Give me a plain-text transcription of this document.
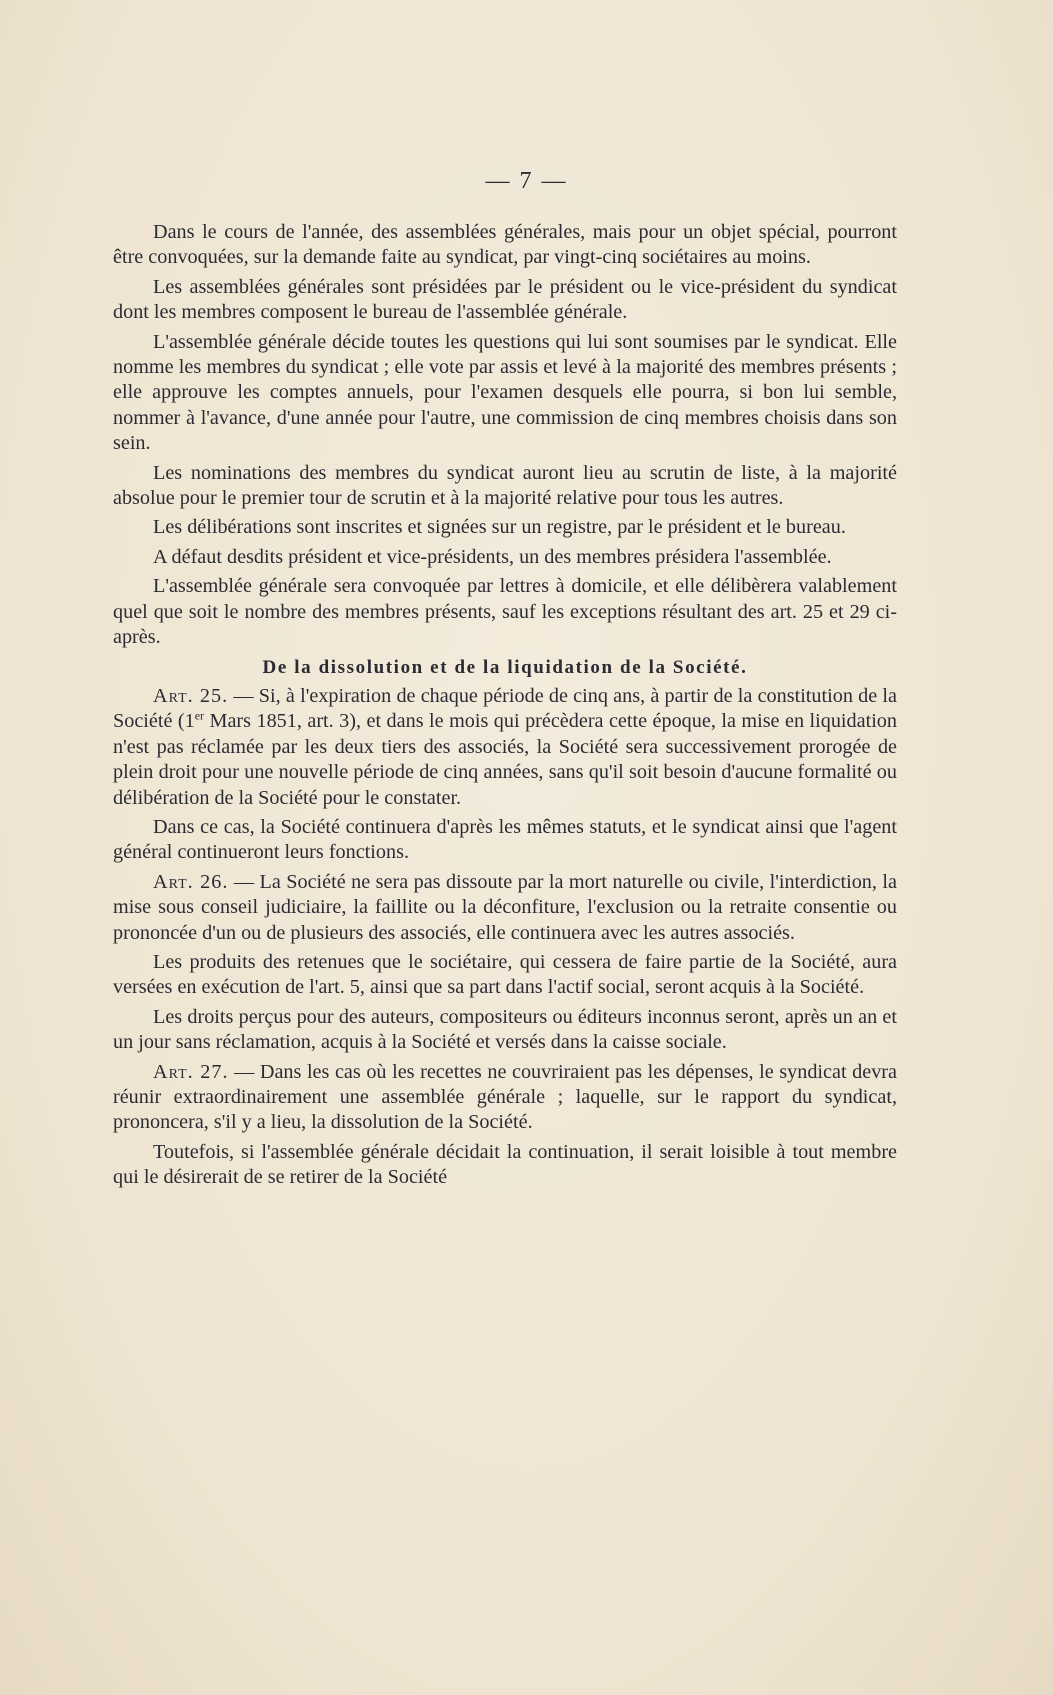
— 7 —

Dans le cours de l'année, des assemblées générales, mais pour un objet spécial, pourront être convoquées, sur la demande faite au syndicat, par vingt-cinq sociétaires au moins.

Les assemblées générales sont présidées par le président ou le vice-président du syndicat dont les membres composent le bureau de l'assemblée générale.

L'assemblée générale décide toutes les questions qui lui sont soumises par le syndicat. Elle nomme les membres du syndicat ; elle vote par assis et levé à la majorité des membres présents ; elle approuve les comptes annuels, pour l'examen desquels elle pourra, si bon lui semble, nommer à l'avance, d'une année pour l'autre, une commission de cinq membres choisis dans son sein.

Les nominations des membres du syndicat auront lieu au scrutin de liste, à la majorité absolue pour le premier tour de scrutin et à la majorité relative pour tous les autres.

Les délibérations sont inscrites et signées sur un registre, par le président et le bureau.

A défaut desdits président et vice-présidents, un des membres présidera l'assemblée.

L'assemblée générale sera convoquée par lettres à domicile, et elle délibèrera valablement quel que soit le nombre des membres présents, sauf les exceptions résultant des art. 25 et 29 ci-après.

De la dissolution et de la liquidation de la Société.

Art. 25. — Si, à l'expiration de chaque période de cinq ans, à partir de la constitution de la Société (1er Mars 1851, art. 3), et dans le mois qui précèdera cette époque, la mise en liquidation n'est pas réclamée par les deux tiers des associés, la Société sera successivement prorogée de plein droit pour une nouvelle période de cinq années, sans qu'il soit besoin d'aucune formalité ou délibération de la Société pour le constater.

Dans ce cas, la Société continuera d'après les mêmes statuts, et le syndicat ainsi que l'agent général continueront leurs fonctions.

Art. 26. — La Société ne sera pas dissoute par la mort naturelle ou civile, l'interdiction, la mise sous conseil judiciaire, la faillite ou la déconfiture, l'exclusion ou la retraite consentie ou prononcée d'un ou de plusieurs des associés, elle continuera avec les autres associés.

Les produits des retenues que le sociétaire, qui cessera de faire partie de la Société, aura versées en exécution de l'art. 5, ainsi que sa part dans l'actif social, seront acquis à la Société.

Les droits perçus pour des auteurs, compositeurs ou éditeurs inconnus seront, après un an et un jour sans réclamation, acquis à la Société et versés dans la caisse sociale.

Art. 27. — Dans les cas où les recettes ne couvriraient pas les dépenses, le syndicat devra réunir extraordinairement une assemblée générale ; laquelle, sur le rapport du syndicat, prononcera, s'il y a lieu, la dissolution de la Société.

Toutefois, si l'assemblée générale décidait la continuation, il serait loisible à tout membre qui le désirerait de se retirer de la Société
